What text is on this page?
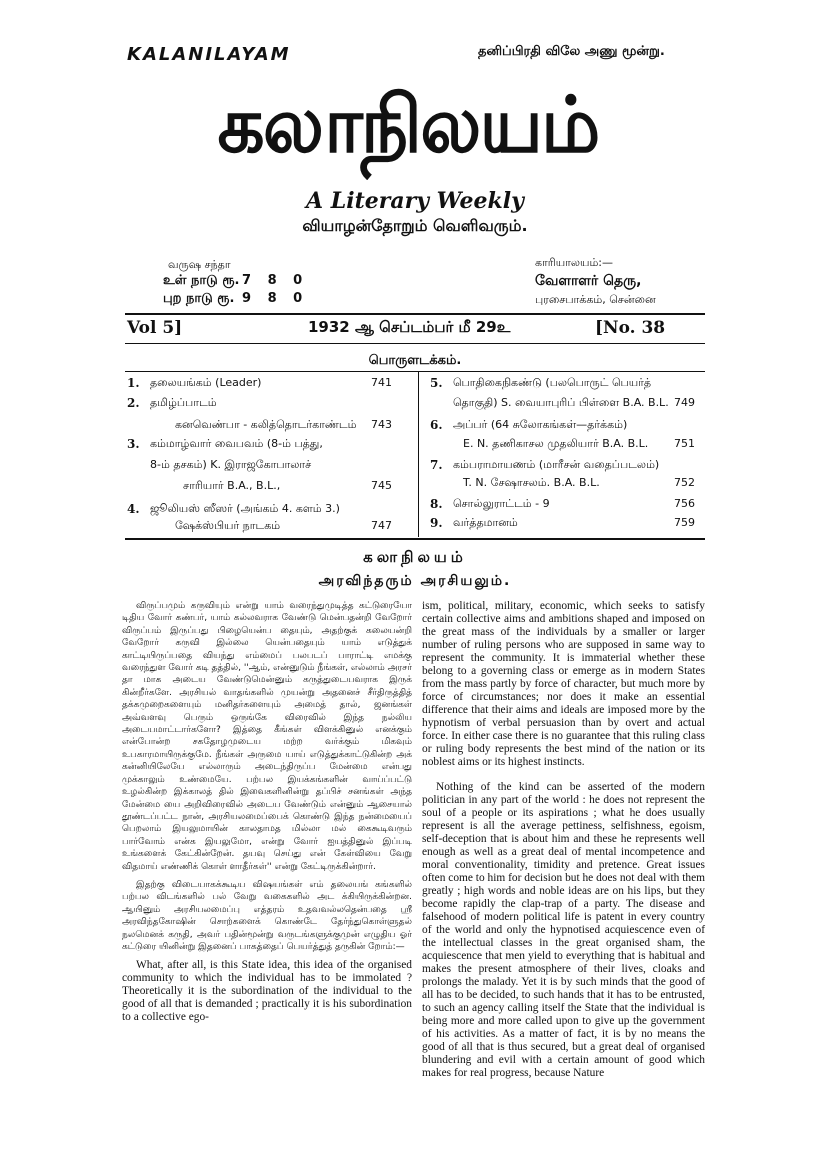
KALANILAYAM	தனிப்பிரதி விலே அணு மூன்று.
கலாநிலயம்
A Literary Weekly
வியாழன்தோறும் வெளிவரும்.
வருஷ சந்தா
உள் நாடு ரூ. 7 8 0
புற நாடு ரூ. 9 8 0
காரியாலயம்:—
வேளாளர் தெரு,
புரசைபாக்கம், சென்னை
Vol 5]	1932 ஆ செப்டம்பர் மீ 29உ	[No. 38
பொருளடக்கம்.
1. தலையங்கம் (Leader)	741
2. தமிழ்ப்பாடம்
கனவெண்பா - கலித்தொடர்காண்டம் 743
3. கம்மாழ்வார் வைபவம் (8-ம் பத்து,
8-ம் தசகம்) K. இராஜகோபாலாச்
சாரியார் B.A., B.L.,	745
4. ஜூலியஸ் ஸீஸர் (அங்கம் 4. களம் 3.)
ஷேக்ஸ்பியர் நாடகம்	747
5. பொதிகைநிகண்டு (பலபொருட் பெயர்த்
தொகுதி) S. வையாபுரிப் பிள்ளை B.A. B.L. 749
6. அப்பர் (64 சுலோகங்கள்—தர்க்கம்)
E. N. தணிகாசல முதலியார் B.A. B.L. 751
7. கம்பராமாயணம் (மாரீசன் வதைப்படலம்)
T. N. சேஷாசலம். B.A. B.L.	752
8. சொல்லுராட்டம் - 9	756
9. வர்த்தமானம்	759
கலாநிலயம்
அரவிந்தரும் அரசியலும்.

விருப்பமும் கருவியும் என்று யாம் வரைந்துமுடித்த கட்டுரையோ டிதிய வோர் கண்பர், யாம் கல்லவராக வேண்டு மென்பதன்றி வேறோர் விருப்பம் இருப்பது பிழையென்ப தையும், அதற்குக் கலையன்றி வேறோர் கருவி இல்லை யென்பதையும் யாம் எடுத்துக் காட்டியிருப்பதை வியந்து எம்மைப் பலபடப் பாராட்டி எமக்கு வரைந்துள வோர் கடி தத்தில், ''ஆம், என்னுடும் நீங்கள், எல்லாம் அரசர் தா மாக அடைய வேண்டுமென்னும் கருத்துடையவராக இருக் கின்றீர்களே. அரசியல் வாதங்களில் முயன்று அதனைச் சீர்திருத்தித் தக்கமுறைகளையும் மனிதர்களையும் அமைத் தால், ஜனங்கள் அவ்வளவு பெரும் ஒருங்கே விரைவில் இந்த நல்லிய அடையமாட்டார்களோ? இத்தை கீங்கள் விளக்கினுல் எனக்கும் என்போன்ற சகதோழமுடைய மற்ற வர்க்கும் மிகவும் உபகாரமாயிருக்குமே. நீங்கள் அருமை யாய் எடுத்துக்காட்டுகின்ற அக் கன்னியிலேயே எல்லாரும் அடைந்திருப்ப மேன்மை என்பது முக்காலும் உண்மையே. பற்பல இயக்கங்களின் வாய்ப்பட்டு உழல்கின்ற இக்காலத் தில் இவைகளினின்று தப்பிச் சனங்கள் அந்த மேன்மை யை அறிவிரைவில் அடைய வேண்டும் என்னும் ஆசையால் தூண்டப்பட்ட நான், அரசியலமைப்பைக் கொண்டு இந்த நன்மையைப் பெறலாம் இயலுமாயின் காலதாமத மில்லா மல் கைகூடிவரும் பார்வோம் என்க இயலுமோ, என்று வோர் ஐயத்தினுல் இப்படி உங்களைக் கேட்கின்றேன். தயவு செய்து என் கேள்வியை வேறு விதமாய் எண்ணிக் கொள் ளாதீர்கள்'' என்று கேட்டிருக்கின்றார்.

இதற்கு விடையாகக்கூடிய விஷயங்கள் எம் தலையங் கங்களில் பற்பல விடங்களில் பல் வேறு வகைகளில் அட க்கியிருக்கின்றன. ஆயினும் அரசியலமைப்பு எத்தரம் உதவவல்லதென்பதை ஸ்ரீ அரவிந்தகோஷின் சொற்களைக் கொண்டே தேர்ந்துகொள்ளுதல் நலமெனக் கருதி, அவர் பதின்மூன்று வருடங்களுக்குமுன் எழுதிய ஓர் கட்டுரை யினின்று இதனைப் பாகத்தைப் பெயர்த்துத் தருகின் றோம்:—

What, after all, is this State idea, this idea of the organised community to which the individual has to be immolated ? Theoretically it is the subordination of the individual to the good of all that is demanded ; practically it is his subordination to a collective ego-

ism, political, military, economic, which seeks to satisfy certain collective aims and ambitions shaped and imposed on the great mass of the individuals by a smaller or larger number of ruling persons who are supposed in same way to represent the community. It is immaterial whether these belong to a governing class or emerge as in modern States from the mass partly by force of character, but much more by force of circumstances; nor does it make an essential difference that their aims and ideals are imposed more by the hypnotism of verbal persuasion than by overt and actual force. In either case there is no guarantee that this ruling class or ruling body represents the best mind of the nation or its noblest aims or its highest instincts.

Nothing of the kind can be asserted of the modern politician in any part of the world : he does not represent the soul of a people or its aspirations ; what he does usually represent is all the average pettiness, selfishness, egoism, self-deception that is about him and these he represents well enough as well as a great deal of mental incompetence and moral conventionality, timidity and pretence. Great issues often come to him for decision but he does not deal with them greatly ; high words and noble ideas are on his lips, but they become rapidly the clap-trap of a party. The disease and falsehood of modern political life is patent in every country of the world and only the hypnotised acquiescence even of the intellectual classes in the great organised sham, the acquiescence that men yield to everything that is habitual and makes the present atmosphere of their lives, cloaks and prolongs the malady. Yet it is by such minds that the good of all has to be decided, to such hands that it has to be entrusted, to such an agency calling itself the State that the individual is being more and more called upon to give up the government of his activities. As a matter of fact, it is by no means the good of all that is thus secured, but a great deal of organised blundering and evil with a certain amount of good which makes for real progress, because Nature
